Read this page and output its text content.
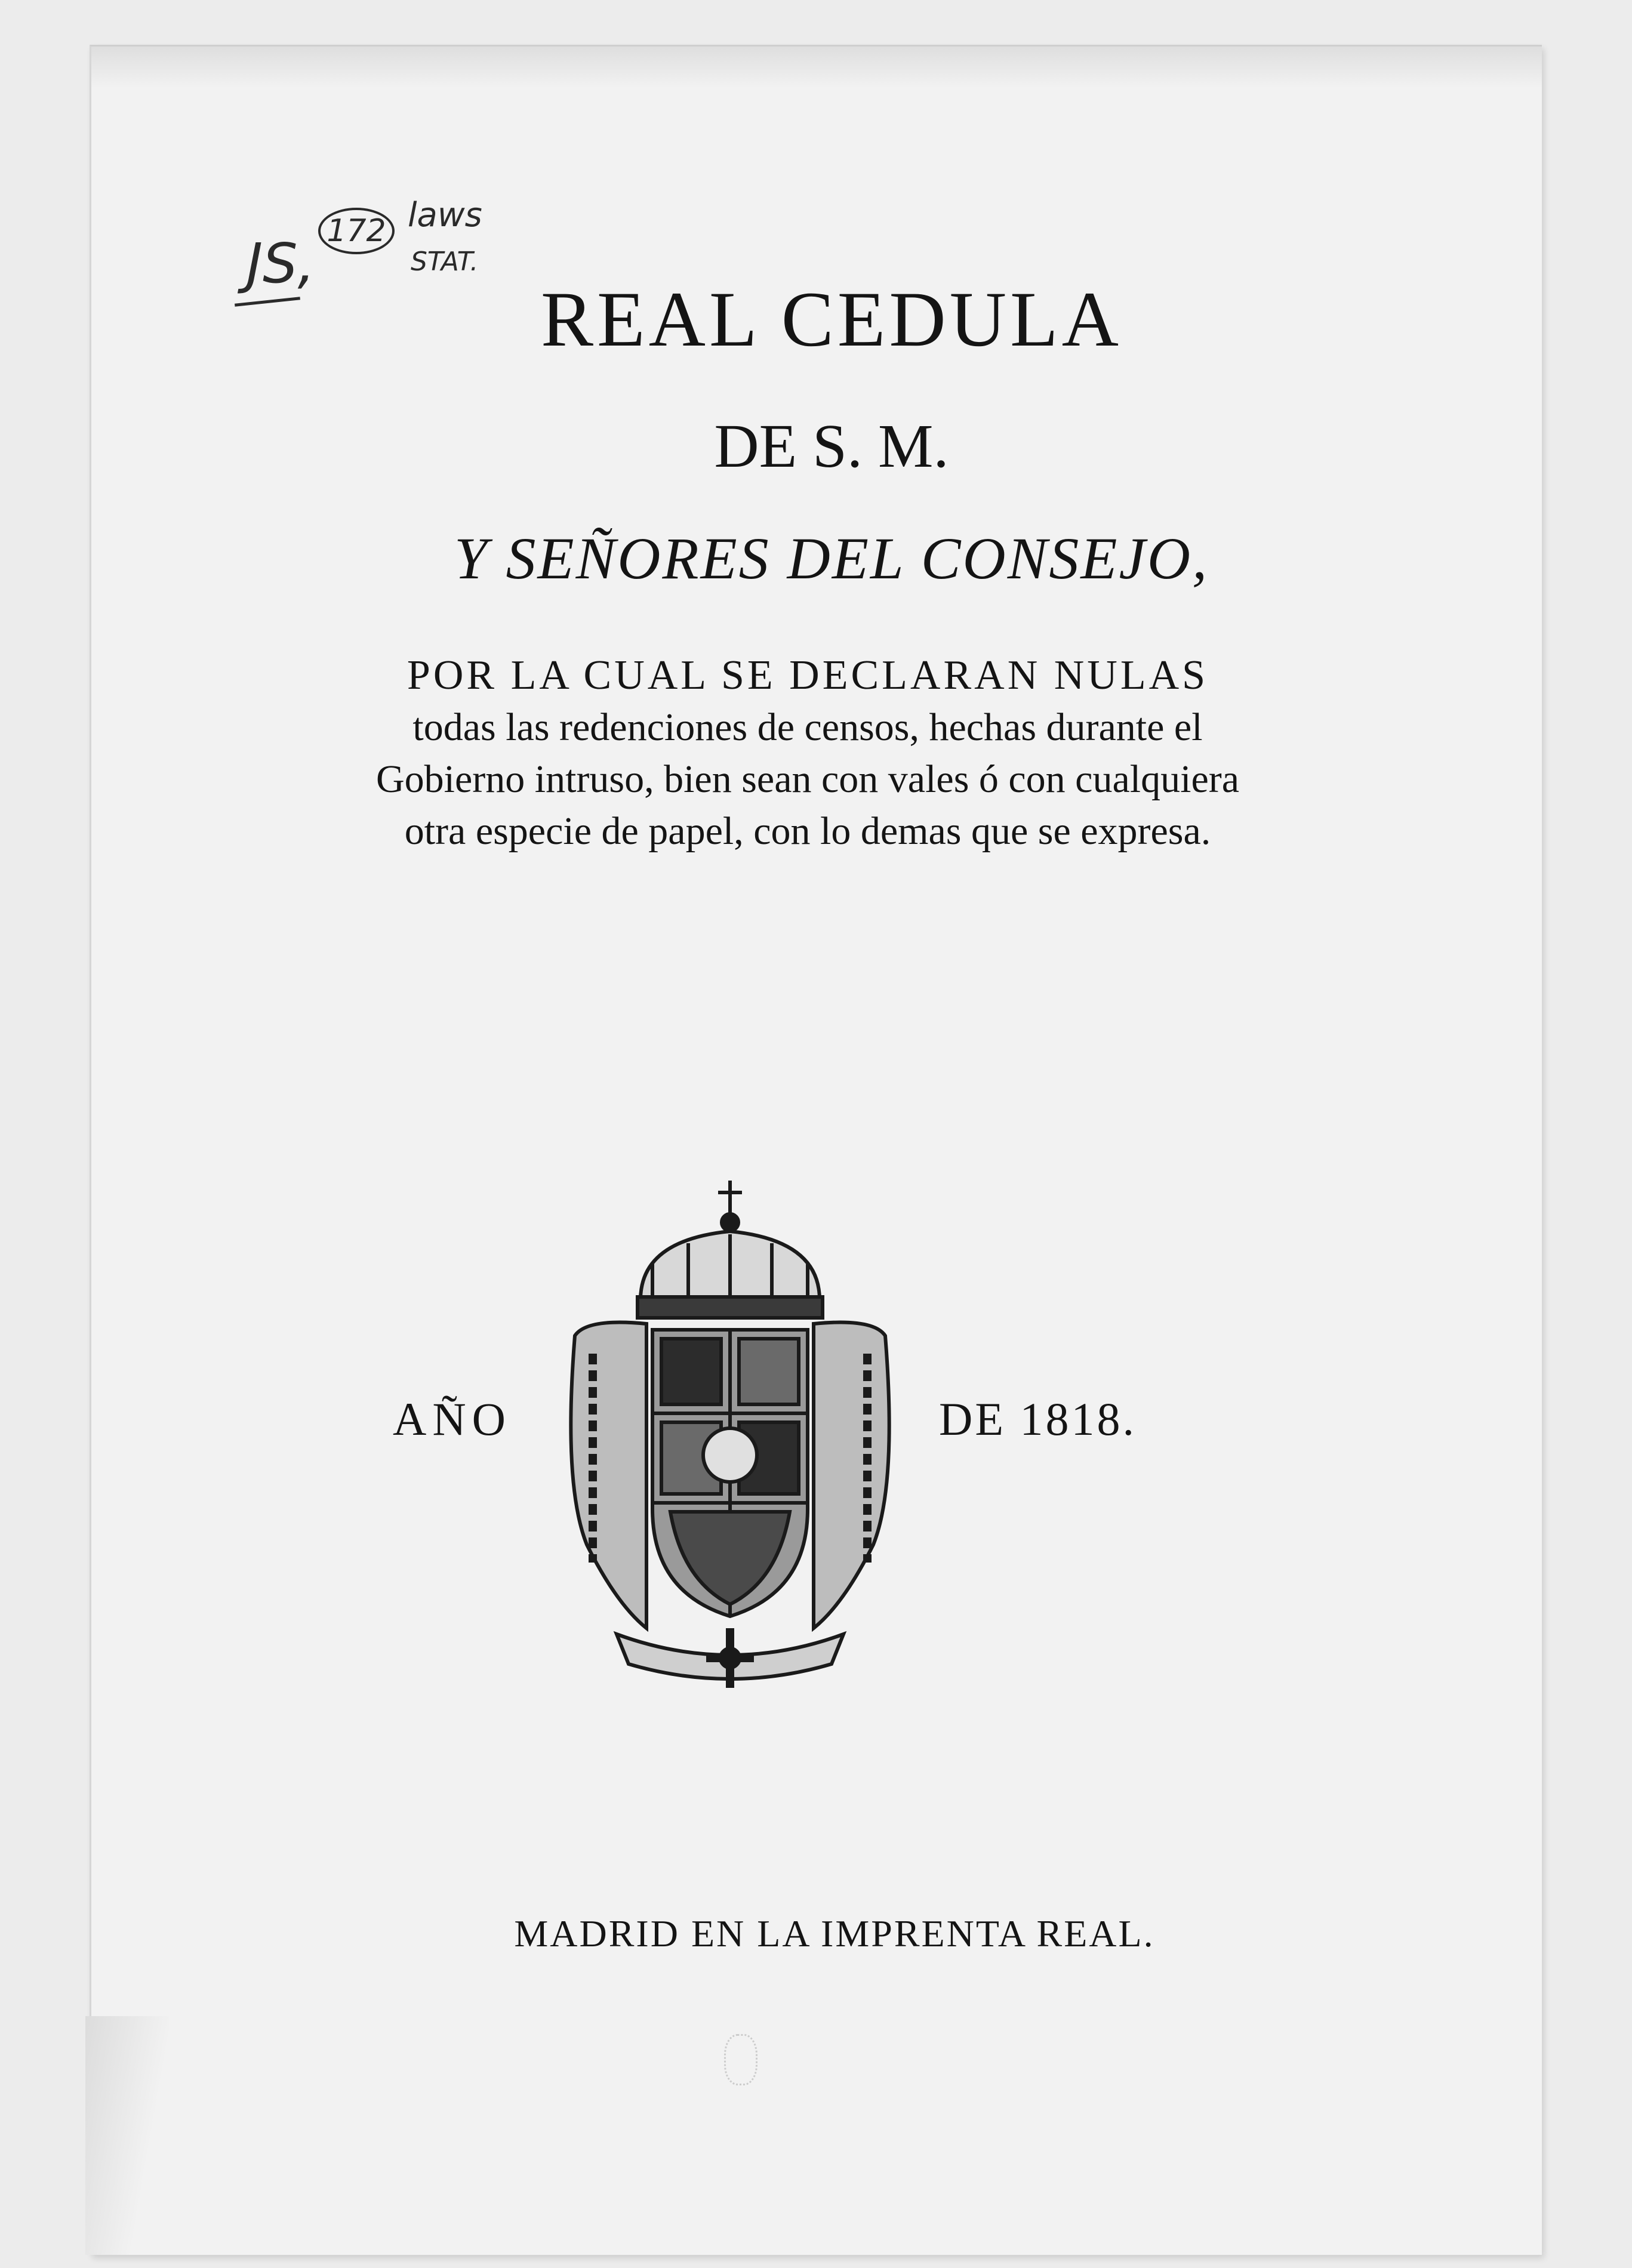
172 laws
STAT.
JS,
REAL CEDULA
DE S. M.
Y SEÑORES DEL CONSEJO,
POR LA CUAL SE DECLARAN NULAS
todas las redenciones de censos, hechas durante el Gobierno intruso, bien sean con vales ó con cualquiera otra especie de papel, con lo demas que se expresa.
AÑO	DE 1818.
MADRID EN LA IMPRENTA REAL.
